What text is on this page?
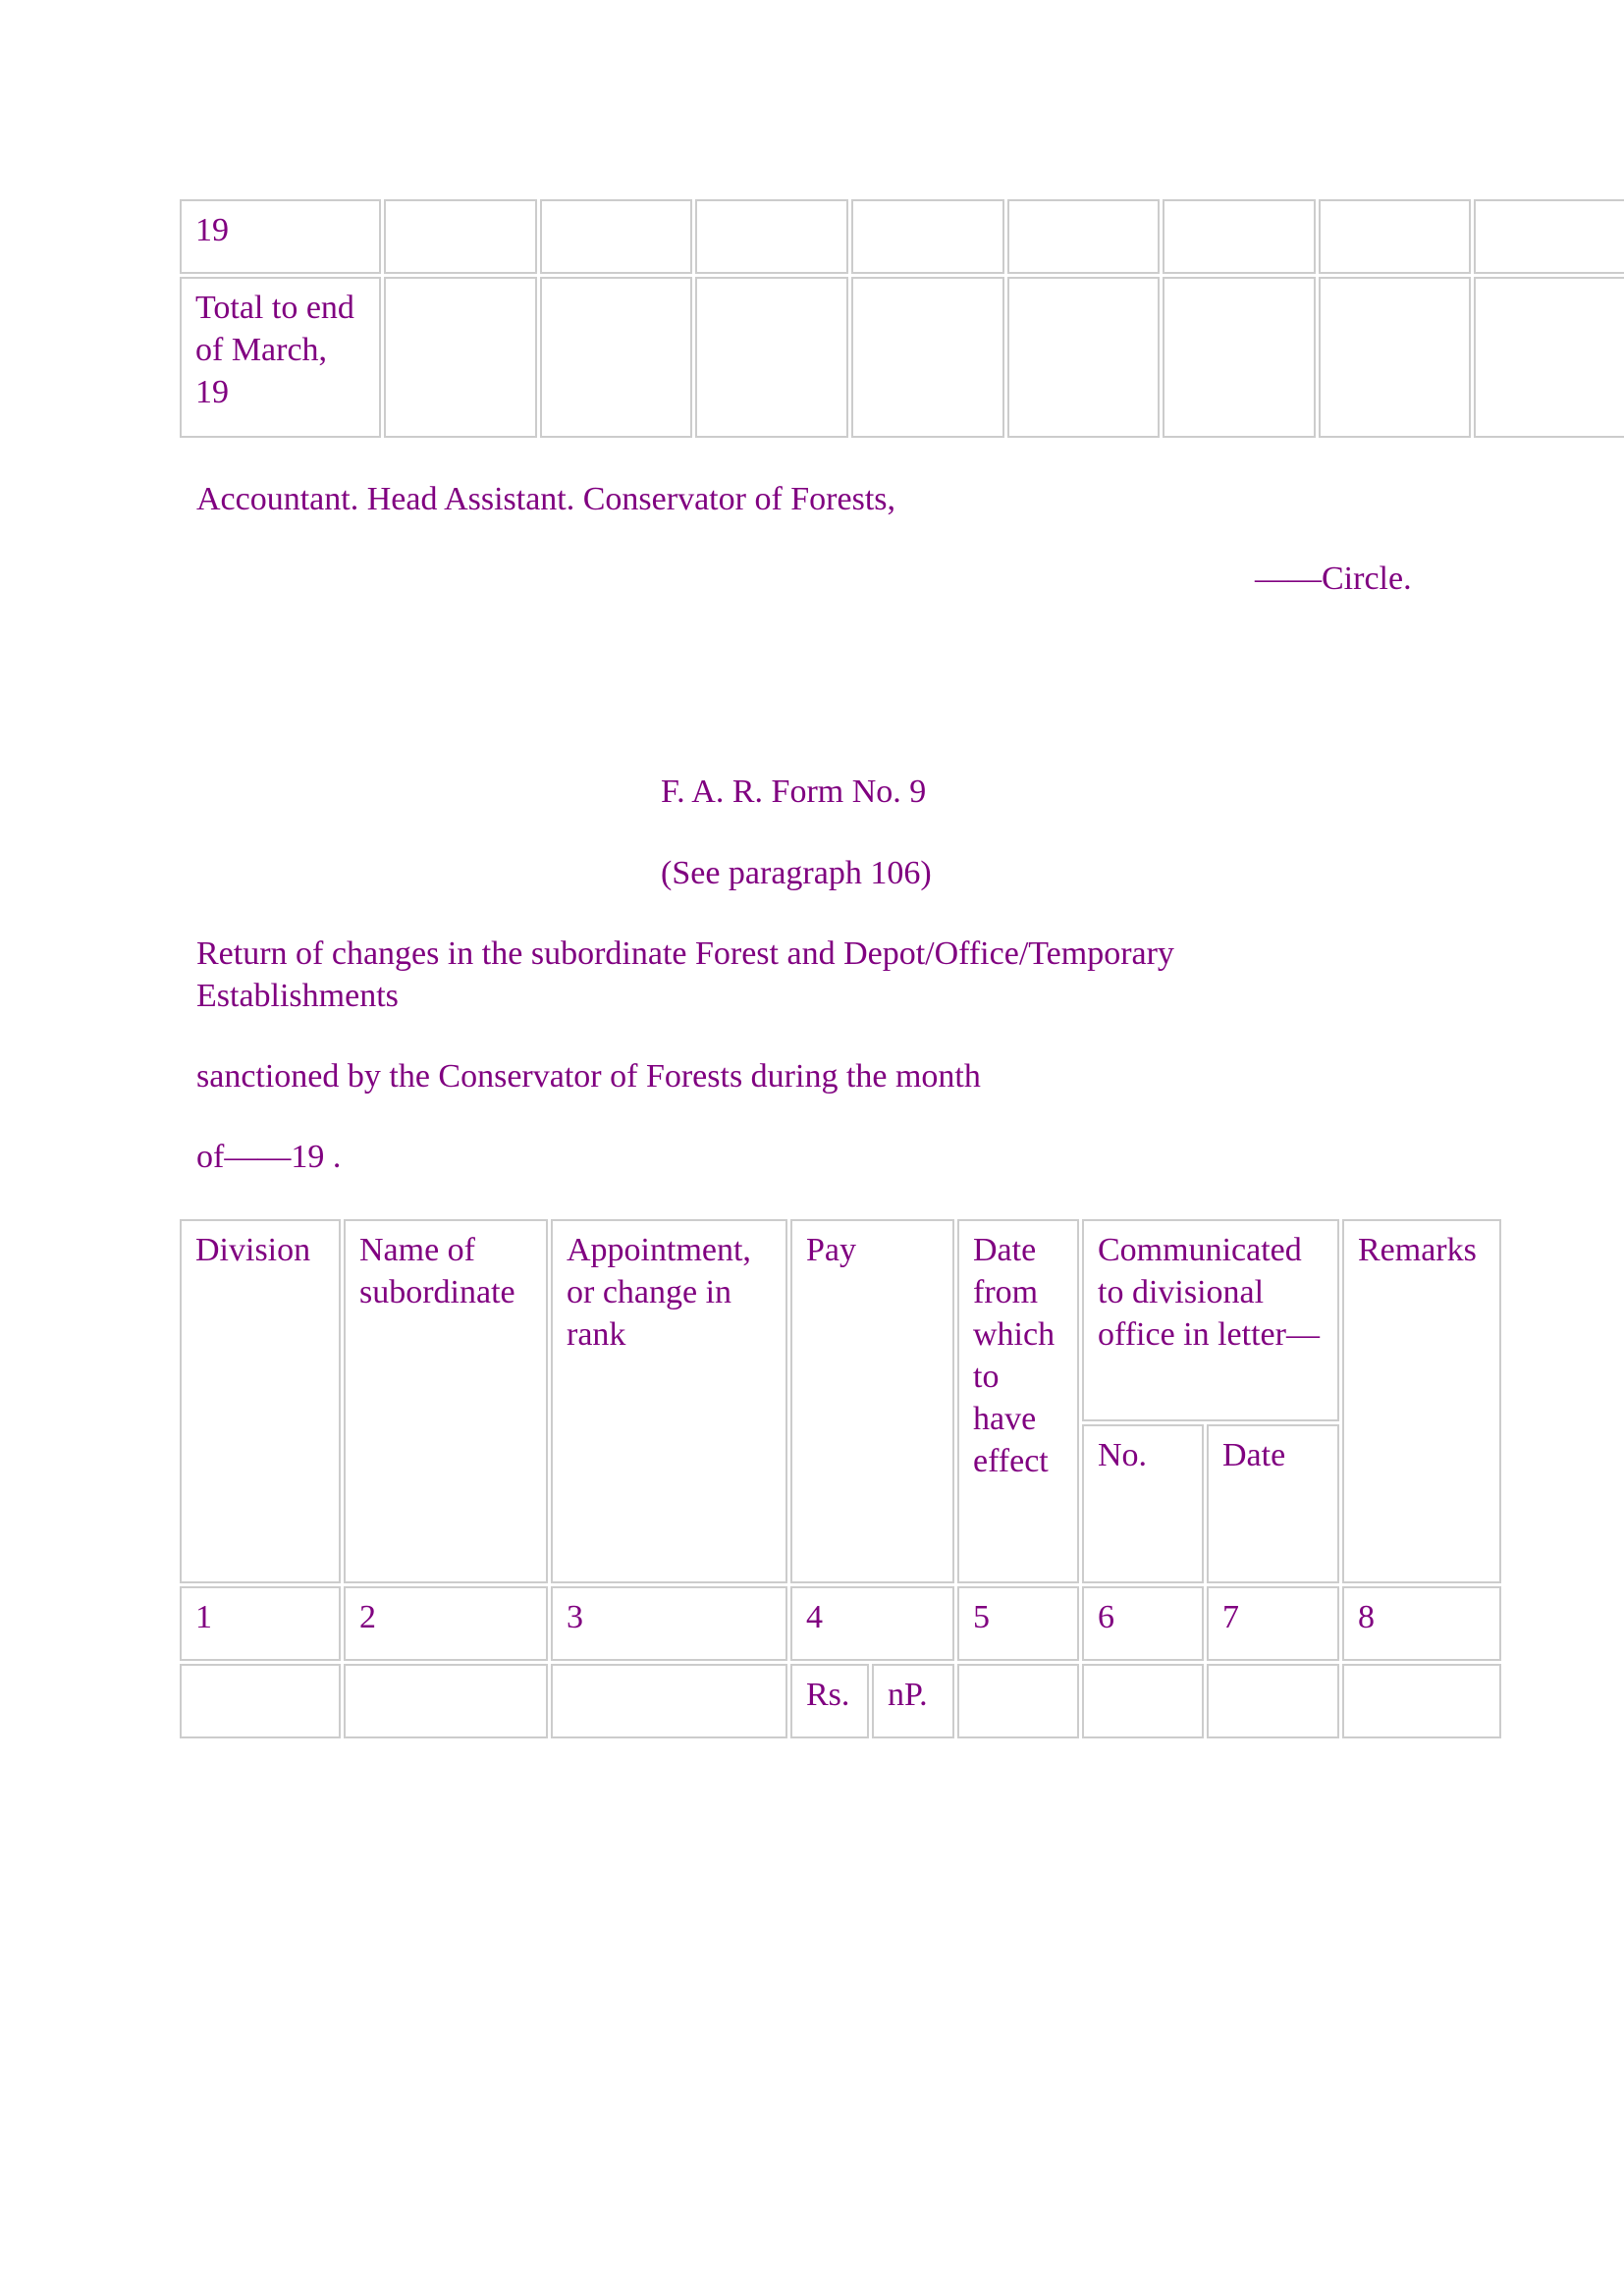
19								
Total to end of March, 19								
Accountant. Head Assistant. Conservator of Forests,
——Circle.
F. A. R. Form No. 9
(See paragraph 106)
Return of changes in the subordinate Forest and Depot/Office/Temporary Establishments
sanctioned by the Conservator of Forests during the month
of——19 .
Division	Name of subordinate	Appointment, or change in rank	Pay		Date from which to have effect	Communicated to divisional office in letter—		Remarks
						No.	Date	
1	2	3	4		5	6	7	8
			Rs.	nP.				
